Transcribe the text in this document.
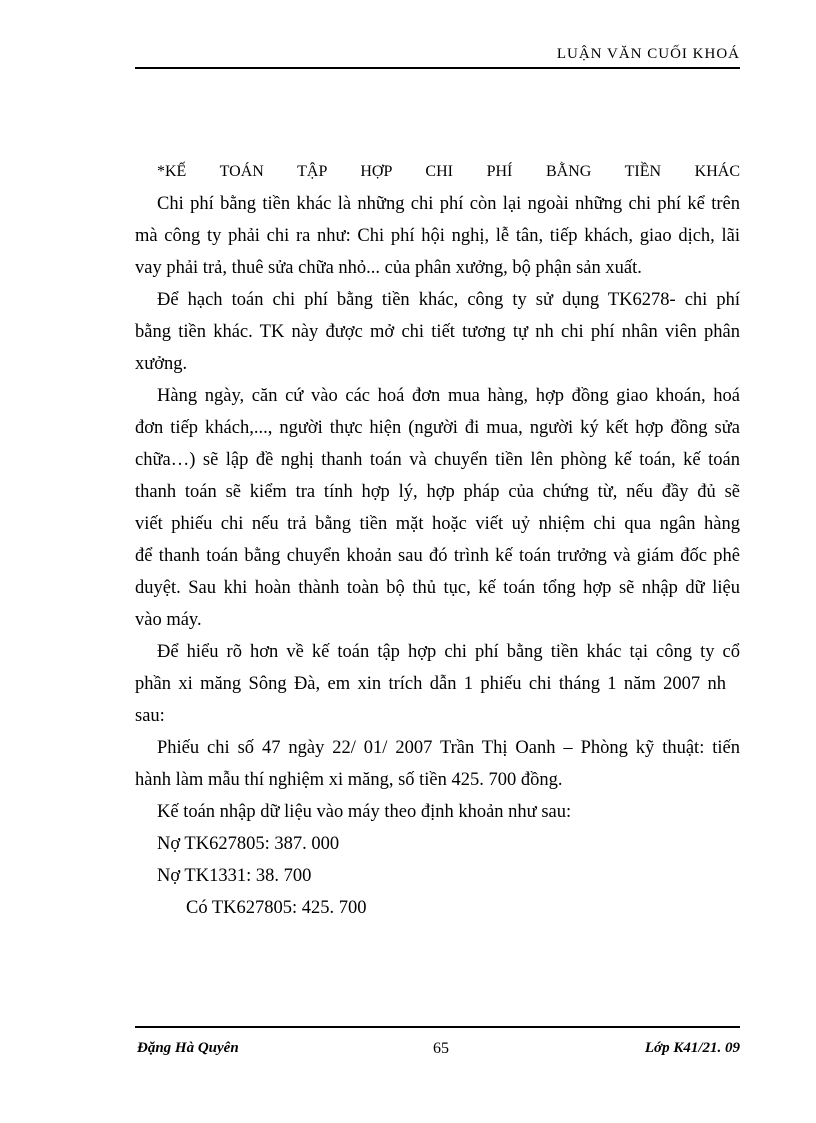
LUẬN VĂN CUỐI KHOÁ
*KẾ TOÁN TẬP HỢP CHI PHÍ BẰNG TIỀN KHÁC
Chi phí bằng tiền khác là những chi phí còn lại ngoài những chi phí kể trên
mà công ty phải chi ra như: Chi phí hội nghị, lễ tân, tiếp khách, giao dịch, lãi
vay phải trả, thuê sửa chữa nhỏ... của phân xưởng, bộ phận sản xuất.
Để hạch toán chi phí bằng tiền khác, công ty sử dụng TK6278- chi phí
bằng tiền khác. TK này được mở chi tiết tương tự nh chi phí nhân viên phân
xưởng.
Hàng ngày, căn cứ vào các hoá đơn mua hàng, hợp đồng giao khoán, hoá
đơn tiếp khách,..., người thực hiện (người đi mua, người ký kết hợp đồng sửa
chữa…) sẽ lập đề nghị thanh toán và chuyển tiền lên phòng kế toán, kế toán
thanh toán sẽ kiểm tra tính hợp lý, hợp pháp của chứng từ, nếu đầy đủ sẽ
viết phiếu chi nếu trả bằng tiền mặt hoặc viết uỷ nhiệm chi qua ngân hàng
để thanh toán bằng chuyển khoản sau đó trình kế toán trưởng và giám đốc phê
duyệt. Sau khi hoàn thành toàn bộ thủ tục, kế toán tổng hợp sẽ nhập dữ liệu
vào máy.
Để hiểu rõ hơn về kế toán tập hợp chi phí bằng tiền khác tại công ty cổ
phần xi măng Sông Đà, em xin trích dẫn 1 phiếu chi tháng 1 năm 2007 nh
sau:
Phiếu chi số 47 ngày 22/ 01/ 2007 Trần Thị Oanh – Phòng kỹ thuật: tiến
hành làm mẫu thí nghiệm xi măng, số tiền 425. 700 đồng.
Kế toán nhập dữ liệu vào máy theo định khoản như sau:
Nợ TK627805: 387. 000
Nợ TK1331: 38. 700
Có TK627805: 425. 700
Đặng Hà Quyên	65	Lớp K41/21. 09
